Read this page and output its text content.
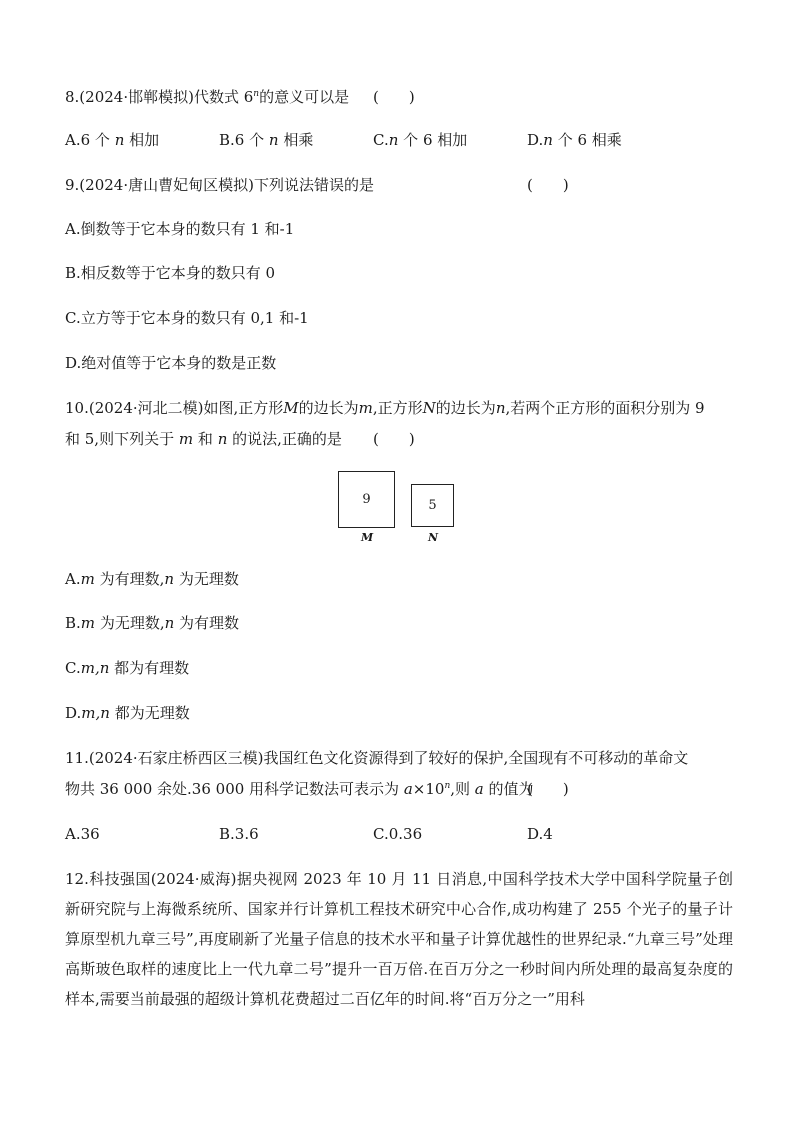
8.(2024·邯郸模拟)代数式 6$^n$的意义可以是 (　　)
A.6 个 n 相加	B.6 个 n 相乘	C.n 个 6 相加	D.n 个 6 相乘
9.(2024·唐山曹妃甸区模拟)下列说法错误的是	(　　)
A.倒数等于它本身的数只有 1 和-1
B.相反数等于它本身的数只有 0
C.立方等于它本身的数只有 0,1 和-1
D.绝对值等于它本身的数是正数
10.(2024·河北二模)如图,正方形M的边长为m,正方形N的边长为n,若两个正方形的面积分别为 9
和 5,则下列关于 m 和 n 的说法,正确的是 (　　)
9	5
M	N
A.m 为有理数,n 为无理数
B.m 为无理数,n 为有理数
C.m,n 都为有理数
D.m,n 都为无理数
11.(2024·石家庄桥西区三模)我国红色文化资源得到了较好的保护,全国现有不可移动的革命文
物共 36 000 余处.36 000 用科学记数法可表示为 $a\times 10^n$,则 a 的值为
(　　)
A.36	B.3.6	C.0.36	D.4
12.科技强国(2024·威海)据央视网 2023 年 10 月 11 日消息,中国科学技术大学中国科学院量子创新研究院与上海微系统所、国家并行计算机工程技术研究中心合作,成功构建了 255 个光子的量子计算原型机九章三号”,再度刷新了光量子信息的技术水平和量子计算优越性的世界纪录.“九章三号”处理高斯玻色取样的速度比上一代九章二号”提升一百万倍.在百万分之一秒时间内所处理的最高复杂度的样本,需要当前最强的超级计算机花费超过二百亿年的时间.将“百万分之一”用科
